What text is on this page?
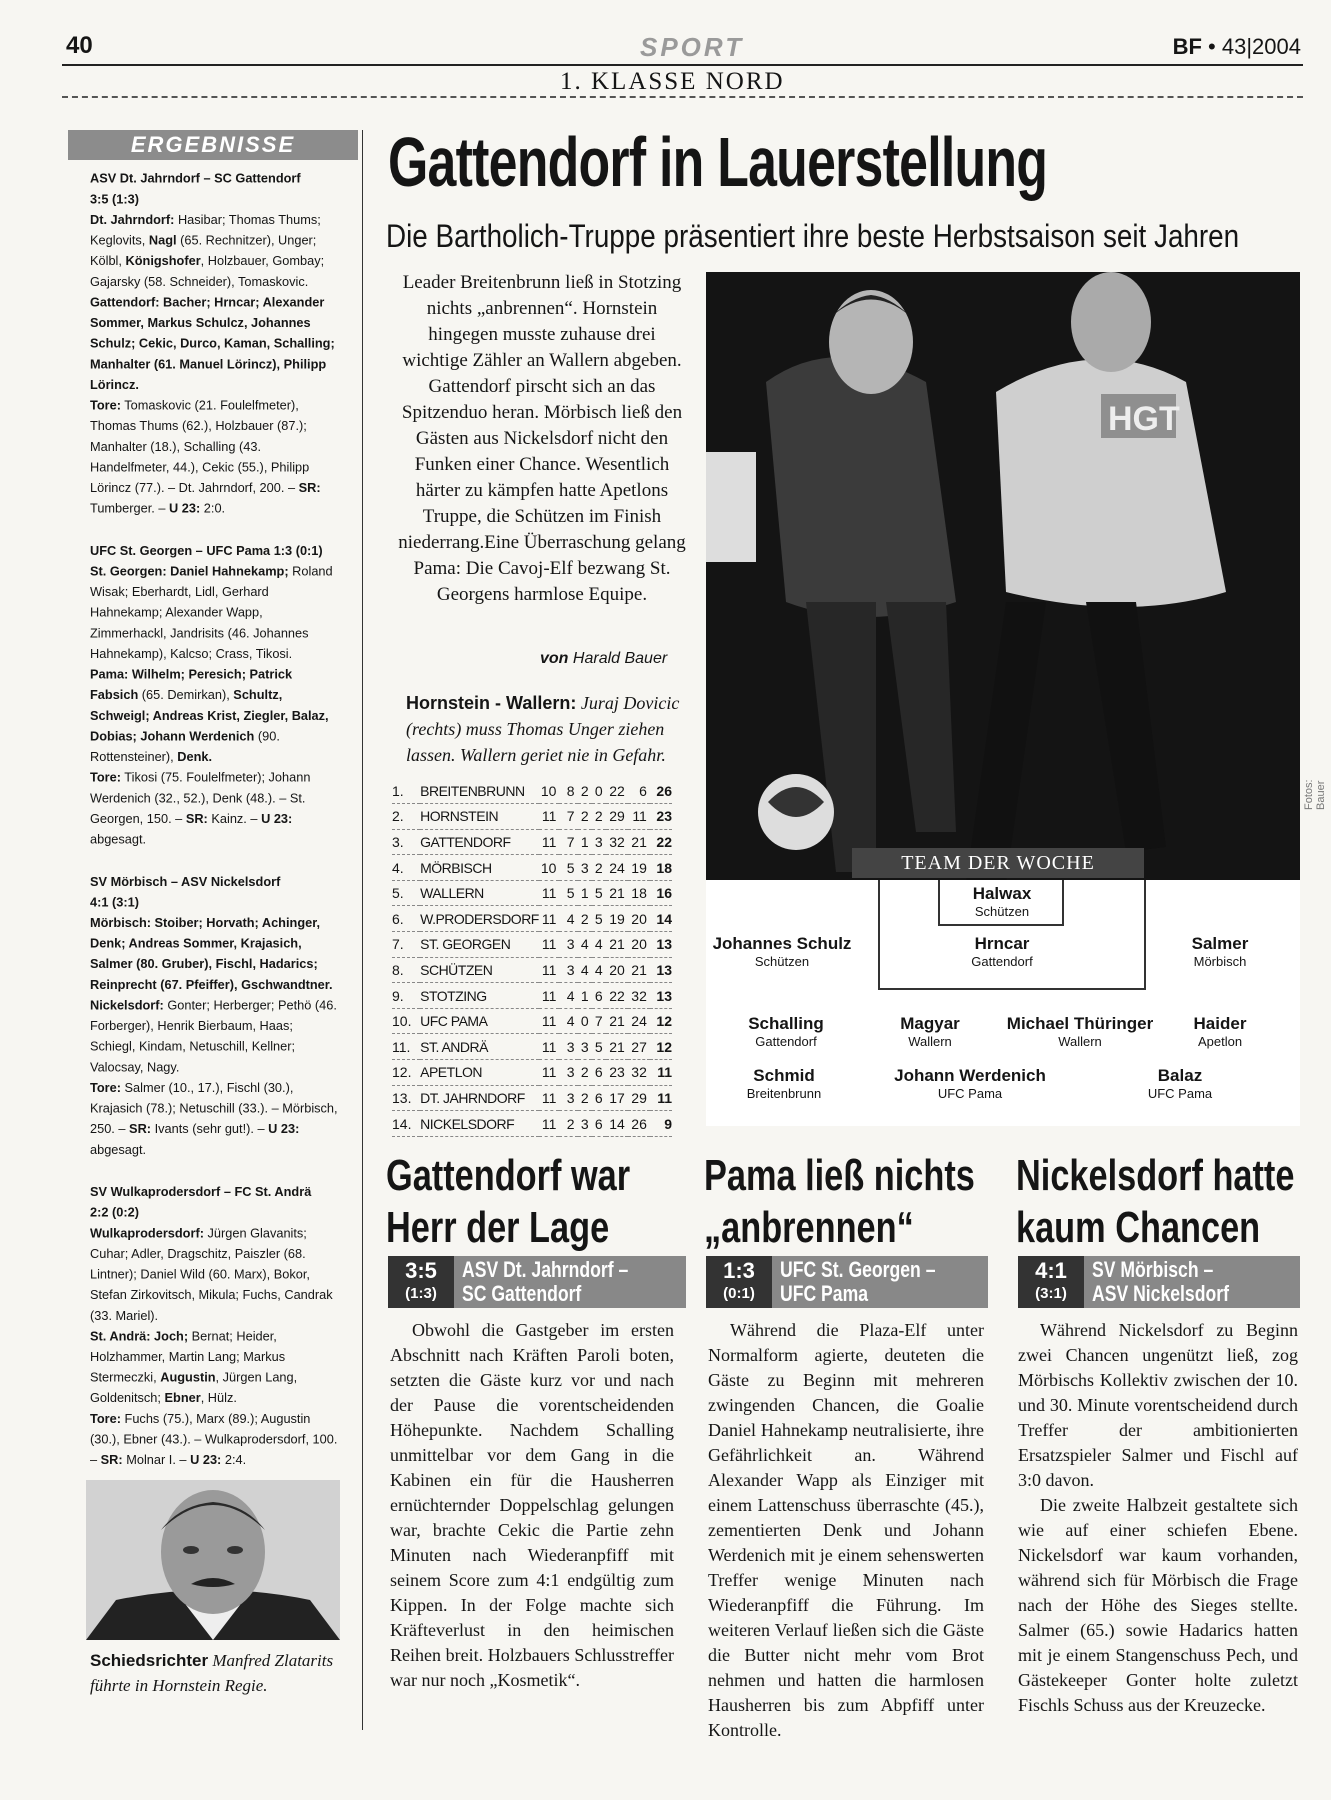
40	SPORT	BF • 43|2004
1. KLASSE NORD
ERGEBNISSE
ASV Dt. Jahrndorf – SC Gattendorf
3:5 (1:3)
Dt. Jahrndorf: Hasibar; Thomas Thums; Keglovits, Nagl (65. Rechnitzer), Unger; Kölbl, Königshofer, Holzbauer, Gombay; Gajarsky (58. Schneider), Tomaskovic.
Gattendorf: Bacher; Hrncar; Alexander Sommer, Markus Schulcz, Johannes Schulz; Cekic, Durco, Kaman, Schalling; Manhalter (61. Manuel Lörincz), Philipp Lörincz.
Tore: Tomaskovic (21. Foulelfmeter), Thomas Thums (62.), Holzbauer (87.); Manhalter (18.), Schalling (43. Handelfmeter, 44.), Cekic (55.), Philipp Lörincz (77.). – Dt. Jahrndorf, 200. – SR: Tumberger. – U 23: 2:0.
UFC St. Georgen – UFC Pama 1:3 (0:1)
St. Georgen: Daniel Hahnekamp; Roland Wisak; Eberhardt, Lidl, Gerhard Hahnekamp; Alexander Wapp, Zimmerhackl, Jandrisits (46. Johannes Hahnekamp), Kalcso; Crass, Tikosi.
Pama: Wilhelm; Peresich; Patrick Fabsich (65. Demirkan), Schultz, Schweigl; Andreas Krist, Ziegler, Balaz, Dobias; Johann Werdenich (90. Rottensteiner), Denk.
Tore: Tikosi (75. Foulelfmeter); Johann Werdenich (32., 52.), Denk (48.). – St. Georgen, 150. – SR: Kainz. – U 23: abgesagt.
SV Mörbisch – ASV Nickelsdorf
4:1 (3:1)
Mörbisch: Stoiber; Horvath; Achinger, Denk; Andreas Sommer, Krajasich, Salmer (80. Gruber), Fischl, Hadarics; Reinprecht (67. Pfeiffer), Gschwandtner.
Nickelsdorf: Gonter; Herberger; Pethö (46. Forberger), Henrik Bierbaum, Haas; Schiegl, Kindam, Netuschill, Kellner; Valocsay, Nagy.
Tore: Salmer (10., 17.), Fischl (30.), Krajasich (78.); Netuschill (33.). – Mörbisch, 250. – SR: Ivants (sehr gut!). – U 23: abgesagt.
SV Wulkaprodersdorf – FC St. Andrä
2:2 (0:2)
Wulkaprodersdorf: Jürgen Glavanits; Cuhar; Adler, Dragschitz, Paiszler (68. Lintner); Daniel Wild (60. Marx), Bokor, Stefan Zirkovitsch, Mikula; Fuchs, Candrak (33. Mariel).
St. Andrä: Joch; Bernat; Heider, Holzhammer, Martin Lang; Markus Stermeczki, Augustin, Jürgen Lang, Goldenitsch; Ebner, Hülz.
Tore: Fuchs (75.), Marx (89.); Augustin (30.), Ebner (43.). – Wulkaprodersdorf, 100. – SR: Molnar I. – U 23: 2:4.
Schiedsrichter Manfred Zlatarits führte in Hornstein Regie.
Gattendorf in Lauerstellung
Die Bartholich-Truppe präsentiert ihre beste Herbstsaison seit Jahren
Leader Breitenbrunn ließ in Stotzing nichts „anbrennen“. Hornstein hingegen musste zuhause drei wichtige Zähler an Wallern abgeben. Gattendorf pirscht sich an das Spitzenduo heran. Mörbisch ließ den Gästen aus Nickelsdorf nicht den Funken einer Chance. Wesentlich härter zu kämpfen hatte Apetlons Truppe, die Schützen im Finish niederrang.Eine Überraschung gelang Pama: Die Cavoj-Elf bezwang St. Georgens harmlose Equipe.
von Harald Bauer
HGT
Fotos: Bauer
Hornstein - Wallern: Juraj Dovicic (rechts) muss Thomas Unger ziehen lassen. Wallern geriet nie in Gefahr.
1.	BREITENBRUNN	10	8	2	0	22	6	26
2.	HORNSTEIN	11	7	2	2	29	11	23
3.	GATTENDORF	11	7	1	3	32	21	22
4.	MÖRBISCH	10	5	3	2	24	19	18
5.	WALLERN	11	5	1	5	21	18	16
6.	W.PRODERSDORF	11	4	2	5	19	20	14
7.	ST. GEORGEN	11	3	4	4	21	20	13
8.	SCHÜTZEN	11	3	4	4	20	21	13
9.	STOTZING	11	4	1	6	22	32	13
10.	UFC PAMA	11	4	0	7	21	24	12
11.	ST. ANDRÄ	11	3	3	5	21	27	12
12.	APETLON	11	3	2	6	23	32	11
13.	DT. JAHRNDORF	11	3	2	6	17	29	11
14.	NICKELSDORF	11	2	3	6	14	26	9
TEAM DER WOCHE
Halwax
Schützen
Johannes Schulz
Schützen
Hrncar
Gattendorf
Salmer
Mörbisch
Schalling
Gattendorf
Magyar
Wallern
Michael Thüringer
Wallern
Haider
Apetlon
Schmid
Breitenbrunn
Johann Werdenich
UFC Pama
Balaz
UFC Pama
Gattendorf war
Herr der Lage
3:5
(1:3)
ASV Dt. Jahrndorf –
SC Gattendorf

Obwohl die Gastgeber im ersten Abschnitt nach Kräften Paroli boten, setzten die Gäste kurz vor und nach der Pause die vorentscheidenden Höhepunkte. Nachdem Schalling unmittelbar vor dem Gang in die Kabinen ein für die Hausherren ernüchternder Doppelschlag gelungen war, brachte Cekic die Partie zehn Minuten nach Wiederanpfiff mit seinem Score zum 4:1 endgültig zum Kippen. In der Folge machte sich Kräfteverlust in den heimischen Reihen breit. Holzbauers Schlusstreffer war nur noch „Kosmetik“.

Pama ließ nichts
„anbrennen“
1:3
(0:1)
UFC St. Georgen –
UFC Pama

Während die Plaza-Elf unter Normalform agierte, deuteten die Gäste zu Beginn mit mehreren zwingenden Chancen, die Goalie Daniel Hahnekamp neutralisierte, ihre Gefährlichkeit an. Während Alexander Wapp als Einziger mit einem Lattenschuss überraschte (45.), zementierten Denk und Johann Werdenich mit je einem sehenswerten Treffer wenige Minuten nach Wiederanpfiff die Führung. Im weiteren Verlauf ließen sich die Gäste die Butter nicht mehr vom Brot nehmen und hatten die harmlosen Hausherren bis zum Abpfiff unter Kontrolle.

Nickelsdorf hatte
kaum Chancen
4:1
(3:1)
SV Mörbisch –
ASV Nickelsdorf

Während Nickelsdorf zu Beginn zwei Chancen ungenützt ließ, zog Mörbischs Kollektiv zwischen der 10. und 30. Minute vorentscheidend durch Treffer der ambitionierten Ersatzspieler Salmer und Fischl auf 3:0 davon.

Die zweite Halbzeit gestaltete sich wie auf einer schiefen Ebene. Nickelsdorf war kaum vorhanden, während sich für Mörbisch die Frage nach der Höhe des Sieges stellte. Salmer (65.) sowie Hadarics hatten mit je einem Stangenschuss Pech, und Gästekeeper Gonter holte zuletzt Fischls Schuss aus der Kreuzecke.
